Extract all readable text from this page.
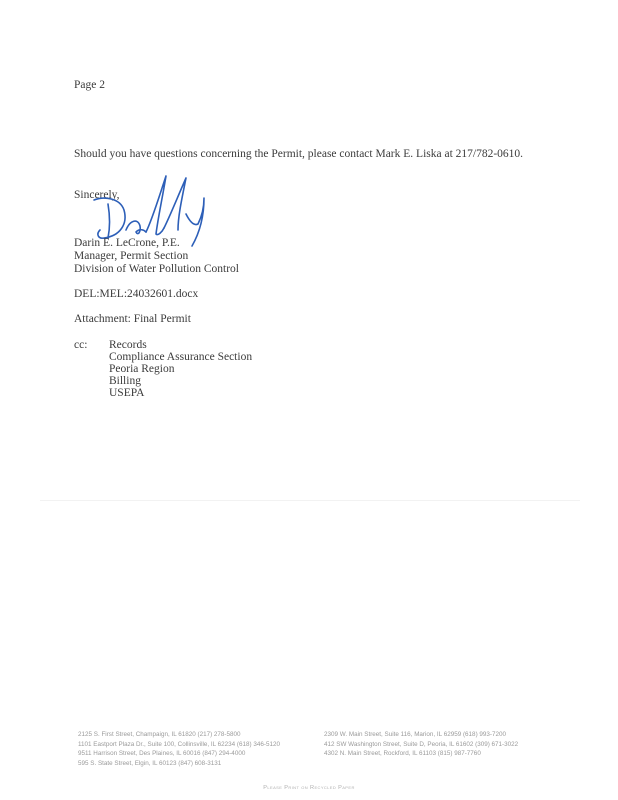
Page 2
Should you have questions concerning the Permit, please contact Mark E. Liska at 217/782-0610.
Sincerely,
Darin E. LeCrone, P.E.
Manager, Permit Section
Division of Water Pollution Control
DEL:MEL:24032601.docx
Attachment: Final Permit
cc: Records
Compliance Assurance Section
Peoria Region
Billing
USEPA
2125 S. First Street, Champaign, IL 61820 (217) 278-5800
1101 Eastport Plaza Dr., Suite 100, Collinsville, IL 62234 (618) 346-5120
9511 Harrison Street, Des Plaines, IL 60016 (847) 294-4000
595 S. State Street, Elgin, IL 60123 (847) 608-3131
2309 W. Main Street, Suite 116, Marion, IL 62959 (618) 993-7200
412 SW Washington Street, Suite D, Peoria, IL 61602 (309) 671-3022
4302 N. Main Street, Rockford, IL 61103 (815) 987-7760
Please Print on Recycled Paper
